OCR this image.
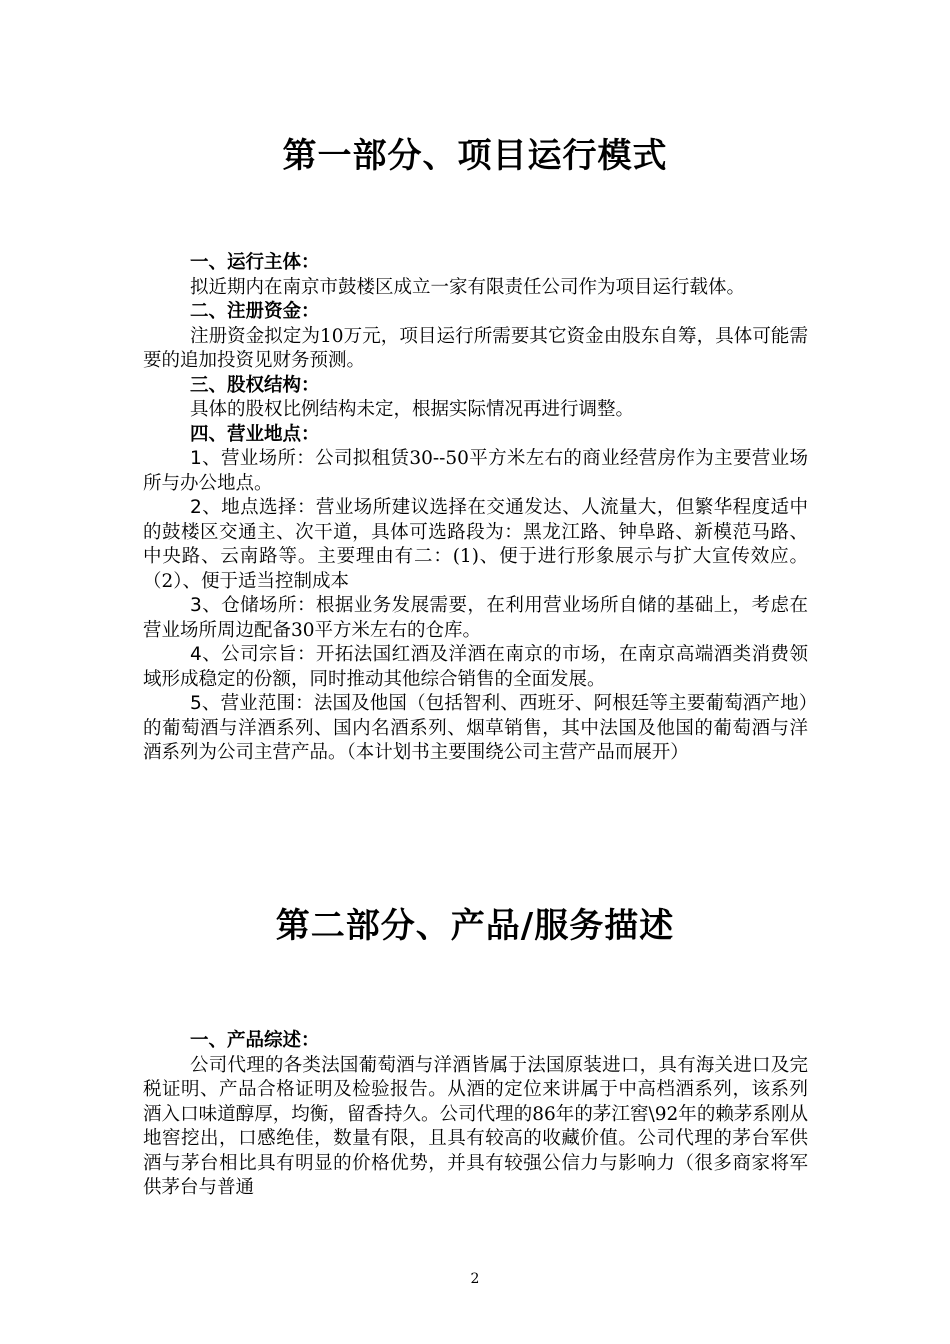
第一部分、项目运行模式

一、运行主体：

拟近期内在南京市鼓楼区成立一家有限责任公司作为项目运行载体。

二、注册资金：

注册资金拟定为10万元，项目运行所需要其它资金由股东自筹，具体可能需要的追加投资见财务预测。

三、股权结构：

具体的股权比例结构未定，根据实际情况再进行调整。

四、营业地点：

1、营业场所：公司拟租赁30--50平方米左右的商业经营房作为主要营业场所与办公地点。

2、地点选择：营业场所建议选择在交通发达、人流量大，但繁华程度适中的鼓楼区交通主、次干道，具体可选路段为：黑龙江路、钟阜路、新模范马路、中央路、云南路等。主要理由有二：(1)、便于进行形象展示与扩大宣传效应。（2）、便于适当控制成本

3、仓储场所：根据业务发展需要，在利用营业场所自储的基础上，考虑在营业场所周边配备30平方米左右的仓库。

4、公司宗旨：开拓法国红酒及洋酒在南京的市场，在南京高端酒类消费领域形成稳定的份额，同时推动其他综合销售的全面发展。

5、营业范围：法国及他国（包括智利、西班牙、阿根廷等主要葡萄酒产地）的葡萄酒与洋酒系列、国内名酒系列、烟草销售，其中法国及他国的葡萄酒与洋酒系列为公司主营产品。（本计划书主要围绕公司主营产品而展开）

第二部分、产品/服务描述

一、产品综述：

公司代理的各类法国葡萄酒与洋酒皆属于法国原装进口，具有海关进口及完税证明、产品合格证明及检验报告。从酒的定位来讲属于中高档酒系列，该系列酒入口味道醇厚，均衡，留香持久。公司代理的86年的茅江窖\92年的赖茅系刚从地窖挖出，口感绝佳，数量有限，且具有较高的收藏价值。公司代理的茅台军供酒与茅台相比具有明显的价格优势，并具有较强公信力与影响力（很多商家将军供茅台与普通

2
